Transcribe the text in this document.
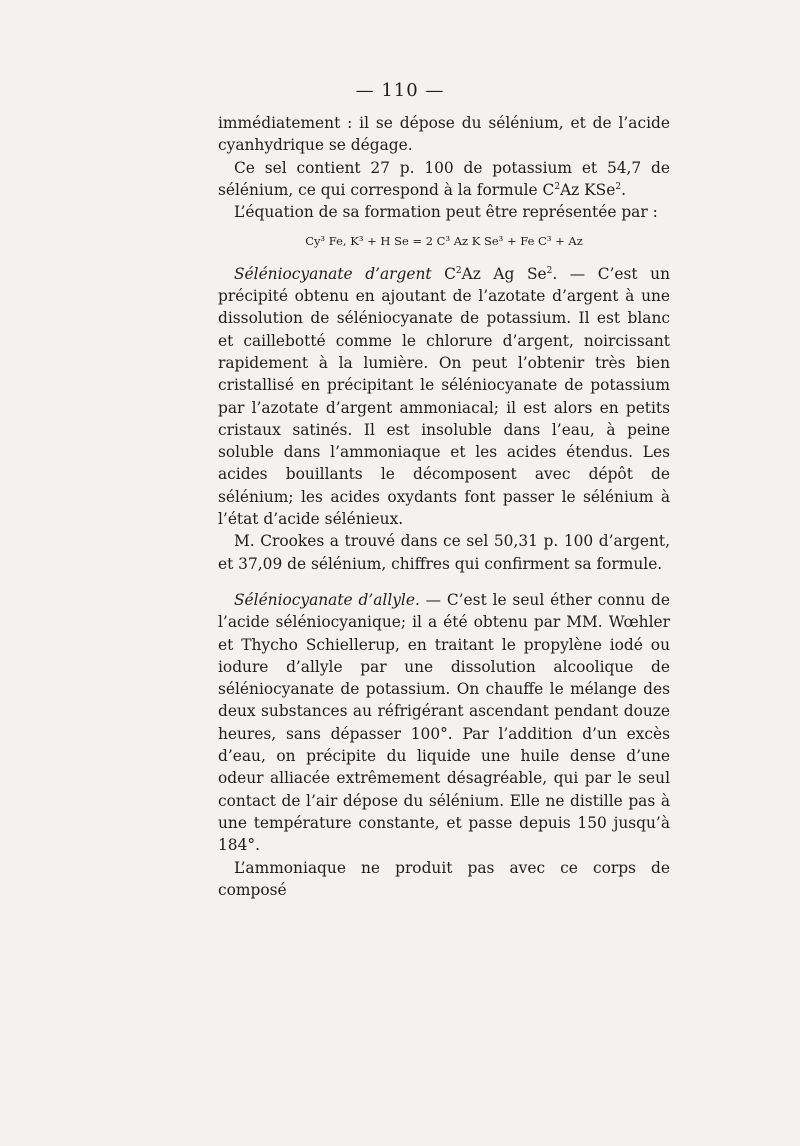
— 110 —

immédiatement : il se dépose du sélénium, et de l’acide cyanhydrique se dégage.

Ce sel contient 27 p. 100 de potassium et 54,7 de sélénium, ce qui correspond à la formule $C^2Az$ KSe$^2$.

L’équation de sa formation peut être représentée par :

Cy³ Fe, K³ + H Se = 2 C³ Az K Se³ + Fe C³ + Az

Séléniocyanate d’argent $C^2Az$ Ag Se$^2$. — C’est un précipité obtenu en ajoutant de l’azotate d’argent à une dissolution de séléniocyanate de potassium. Il est blanc et caillebotté comme le chlorure d’argent, noircissant rapidement à la lumière. On peut l’obtenir très bien cristallisé en précipitant le séléniocyanate de potassium par l’azotate d’argent ammoniacal; il est alors en petits cristaux satinés. Il est insoluble dans l’eau, à peine soluble dans l’ammoniaque et les acides étendus. Les acides bouillants le décomposent avec dépôt de sélénium; les acides oxydants font passer le sélénium à l’état d’acide sélénieux.

M. Crookes a trouvé dans ce sel 50,31 p. 100 d’argent, et 37,09 de sélénium, chiffres qui confirment sa formule.

Séléniocyanate d’allyle. — C’est le seul éther connu de l’acide séléniocyanique; il a été obtenu par MM. Wœhler et Thycho Schiellerup, en traitant le propylène iodé ou iodure d’allyle par une dissolution alcoolique de séléniocyanate de potassium. On chauffe le mélange des deux substances au réfrigérant ascendant pendant douze heures, sans dépasser 100°. Par l’addition d’un excès d’eau, on précipite du liquide une huile dense d’une odeur alliacée extrêmement désagréable, qui par le seul contact de l’air dépose du sélénium. Elle ne distille pas à une température constante, et passe depuis 150 jusqu’à 184°.

L’ammoniaque ne produit pas avec ce corps de composé
